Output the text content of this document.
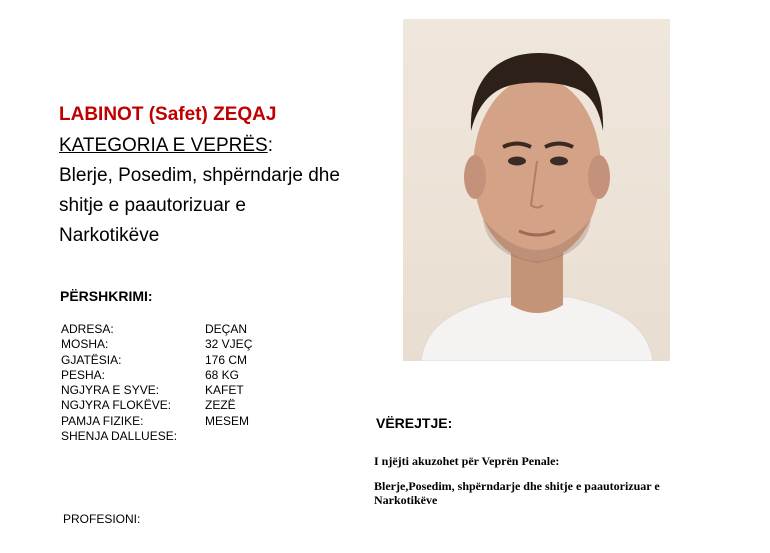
LABINOT (Safet) ZEQAJ
KATEGORIA E VEPRËS:
Blerje, Posedim, shpërndarje dhe shitje e paautorizuar e Narkotikëve
PËRSHKRIMI:
ADRESA:	DEÇAN
MOSHA:	32 VJEÇ
GJATËSIA:	176 CM
PESHA:	68 KG
NGJYRA E SYVE:	KAFET
NGJYRA FLOKËVE:	ZEZË
PAMJA FIZIKE:	MESEM
SHENJA DALLUESE:
PROFESIONI:
VËREJTJE:
I njëjti akuzohet për Veprën Penale:
Blerje,Posedim, shpërndarje dhe shitje e paautorizuar e Narkotikëve
